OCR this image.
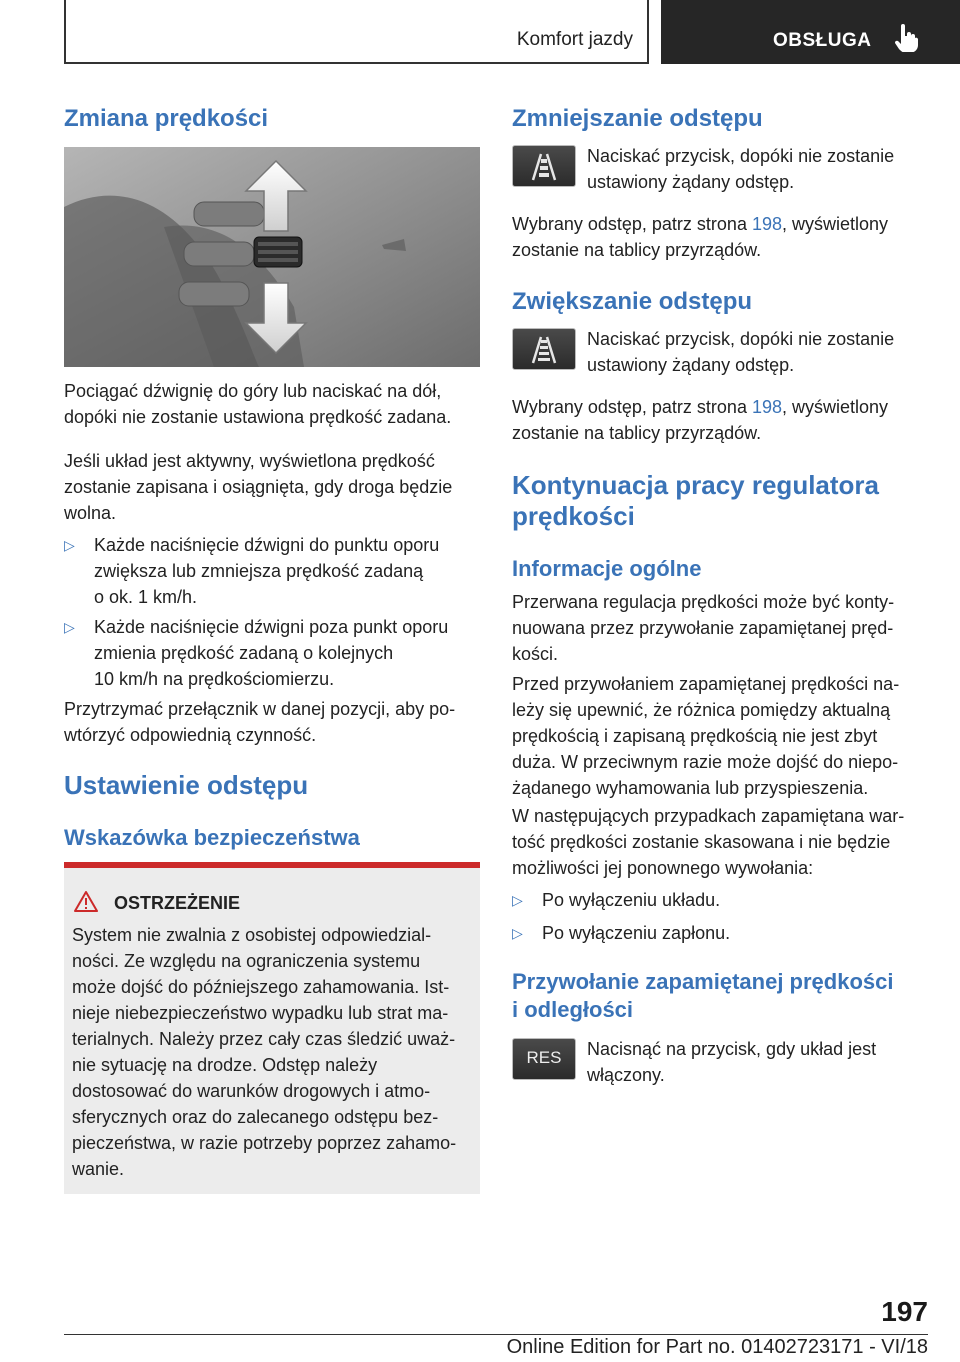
Komfort jazdy	OBSŁUGA
Zmiana prędkości

Pociągać dźwignię do góry lub naciskać na dół,

dopóki nie zostanie ustawiona prędkość zadana.

Jeśli układ jest aktywny, wyświetlona prędkość

zostanie zapisana i osiągnięta, gdy droga będzie

wolna.

▷ Każde naciśnięcie dźwigni do punktu oporu
zwiększa lub zmniejsza prędkość zadaną
o ok. 1 km/h.
▷ Każde naciśnięcie dźwigni poza punkt oporu
zmienia prędkość zadaną o kolejnych
10 km/h na prędkościomierzu.

Przytrzymać przełącznik w danej pozycji, aby po‐

wtórzyć odpowiednią czynność.

Ustawienie odstępu
Wskazówka bezpieczeństwa

OSTRZEŻENIE

System nie zwalnia z osobistej odpowiedzial‐

ności. Ze względu na ograniczenia systemu

może dojść do późniejszego zahamowania. Ist‐

nieje niebezpieczeństwo wypadku lub strat ma‐

terialnych. Należy przez cały czas śledzić uważ‐

nie sytuację na drodze. Odstęp należy

dostosować do warunków drogowych i atmo‐

sferycznych oraz do zalecanego odstępu bez‐

pieczeństwa, w razie potrzeby poprzez zahamo‐

wanie.

Zmniejszanie odstępu

Naciskać przycisk, dopóki nie zostanie

ustawiony żądany odstęp.

Wybrany odstęp, patrz strona 198, wyświetlony

zostanie na tablicy przyrządów.

Zwiększanie odstępu

Naciskać przycisk, dopóki nie zostanie

ustawiony żądany odstęp.

Wybrany odstęp, patrz strona 198, wyświetlony

zostanie na tablicy przyrządów.

Kontynuacja pracy regulatora
prędkości
Informacje ogólne

Przerwana regulacja prędkości może być konty‐

nuowana przez przywołanie zapamiętanej pręd‐

kości.

Przed przywołaniem zapamiętanej prędkości na‐

leży się upewnić, że różnica pomiędzy aktualną

prędkością i zapisaną prędkością nie jest zbyt

duża. W przeciwnym razie może dojść do niepo‐

żądanego wyhamowania lub przyspieszenia.

W następujących przypadkach zapamiętana war‐

tość prędkości zostanie skasowana i nie będzie

możliwości jej ponownego wywołania:

▷ Po wyłączeniu układu.
▷ Po wyłączeniu zapłonu.
Przywołanie zapamiętanej prędkości
i odległości
RES	Nacisnąć na przycisk, gdy układ jest

włączony.

197
Online Edition for Part no. 01402723171 - VI/18
